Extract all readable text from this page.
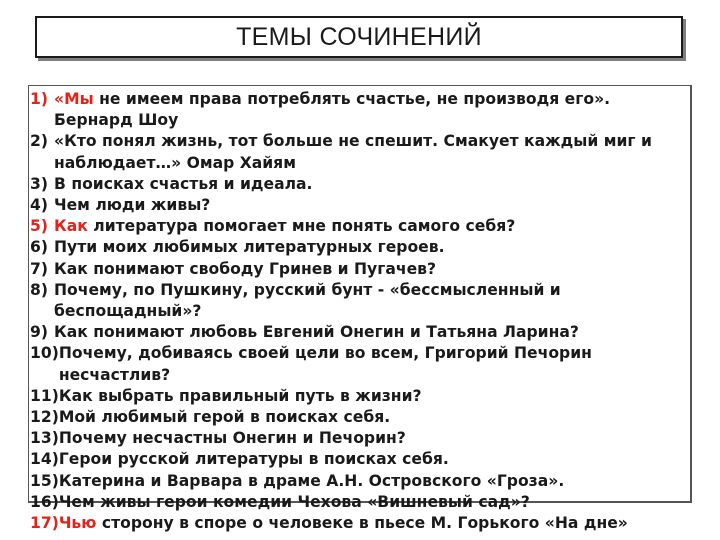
ТЕМЫ СОЧИНЕНИЙ
1) «Мы не имеем права потреблять счастье, не производя его».
Бернард Шоу
2) «Кто понял жизнь, тот больше не спешит. Смакует каждый миг и
наблюдает…» Омар Хайям
3) В поисках счастья и идеала.
4) Чем люди живы?
5) Как литература помогает мне понять самого себя?
6) Пути моих любимых литературных героев.
7) Как понимают свободу Гринев и Пугачев?
8) Почему, по Пушкину, русский бунт - «бессмысленный и
беспощадный»?
9) Как понимают любовь Евгений Онегин и Татьяна Ларина?
10) Почему, добиваясь своей цели во всем, Григорий Печорин
несчастлив?
11) Как выбрать правильный путь в жизни?
12) Мой любимый герой в поисках себя.
13) Почему несчастны Онегин и Печорин?
14) Герои русской литературы в поисках себя.
15) Катерина и Варвара в драме А.Н. Островского «Гроза».
16) Чем живы герои комедии Чехова «Вишневый сад»?
17) Чью сторону в споре о человеке в пьесе М. Горького «На дне»
